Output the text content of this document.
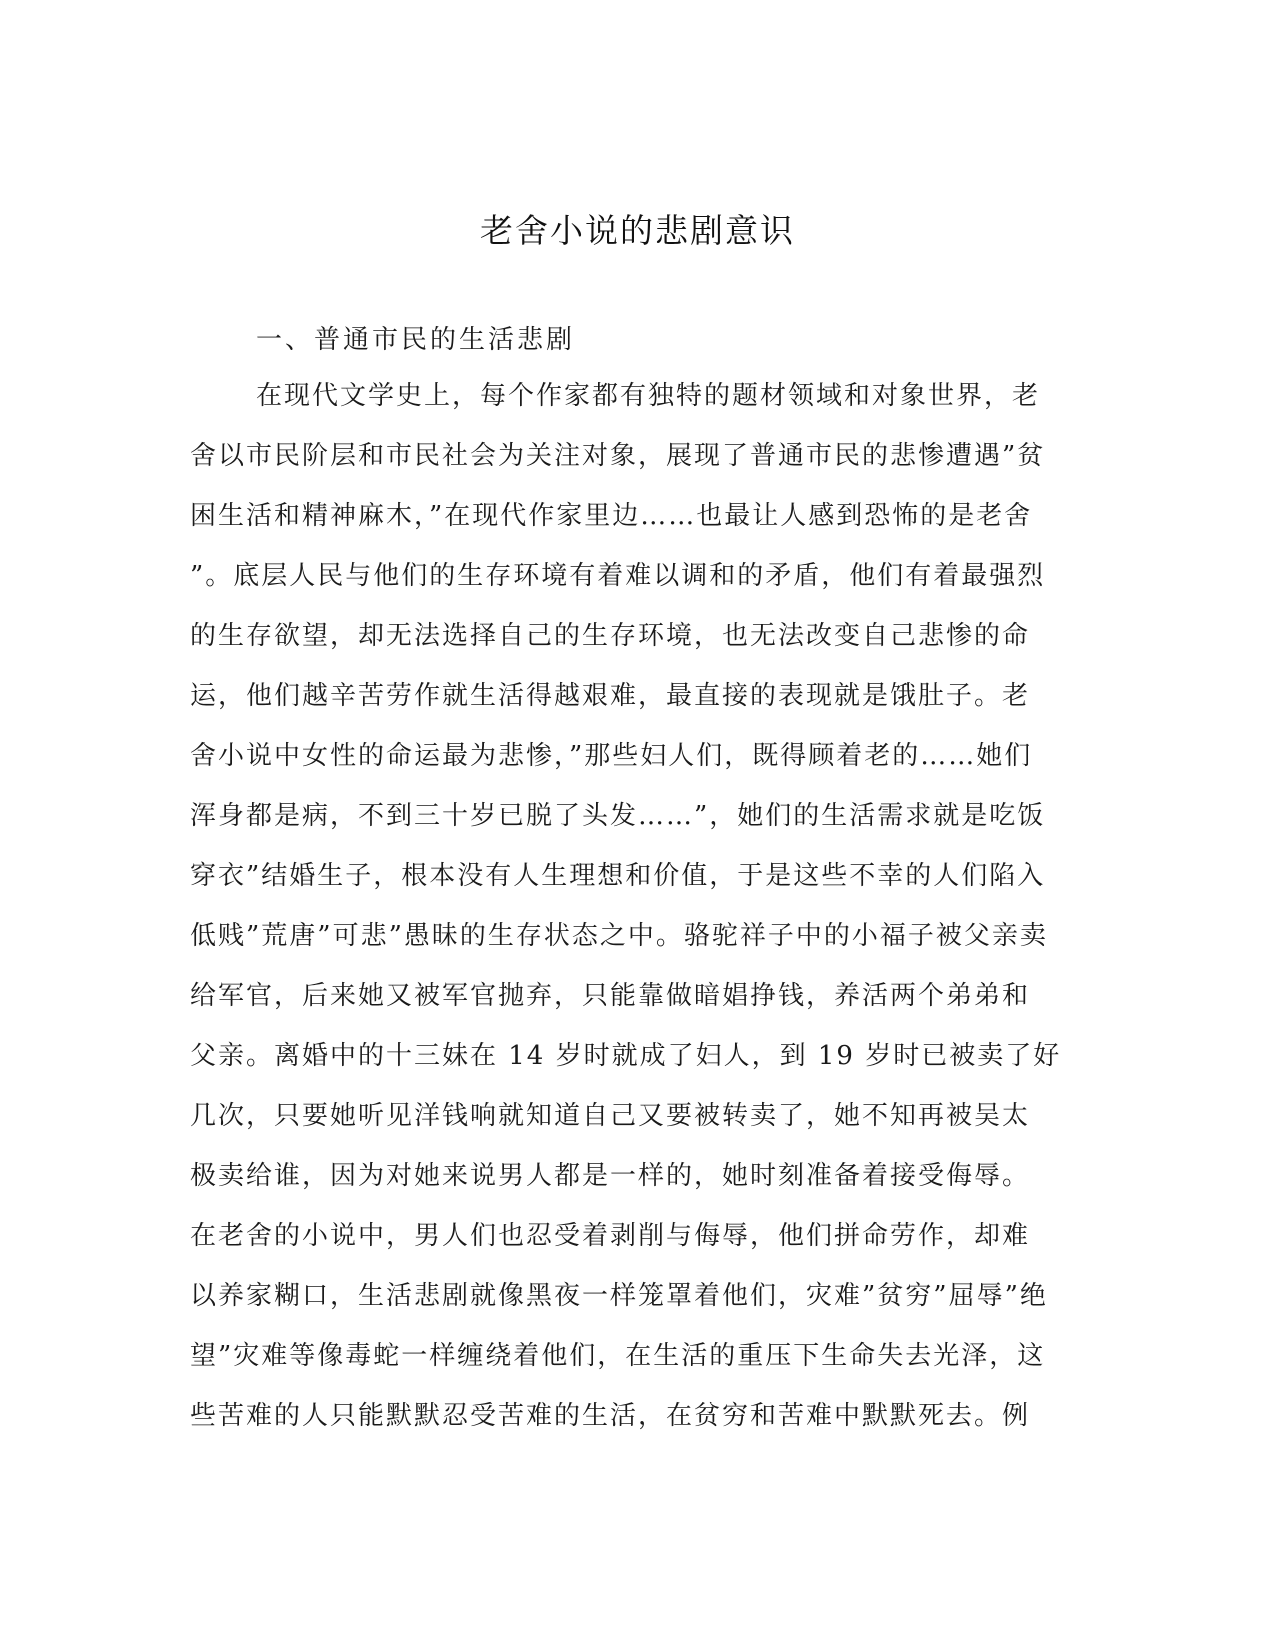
老舍小说的悲剧意识
一、普通市民的生活悲剧
在现代文学史上，每个作家都有独特的题材领域和对象世界，老
舍以市民阶层和市民社会为关注对象，展现了普通市民的悲惨遭遇”贫
困生活和精神麻木，”在现代作家里边……也最让人感到恐怖的是老舍
”。底层人民与他们的生存环境有着难以调和的矛盾，他们有着最强烈
的生存欲望，却无法选择自己的生存环境，也无法改变自己悲惨的命
运，他们越辛苦劳作就生活得越艰难，最直接的表现就是饿肚子。老
舍小说中女性的命运最为悲惨，”那些妇人们，既得顾着老的……她们
浑身都是病，不到三十岁已脱了头发……”，她们的生活需求就是吃饭
穿衣”结婚生子，根本没有人生理想和价值，于是这些不幸的人们陷入
低贱”荒唐”可悲”愚昧的生存状态之中。骆驼祥子中的小福子被父亲卖
给军官，后来她又被军官抛弃，只能靠做暗娼挣钱，养活两个弟弟和
父亲。离婚中的十三妹在 14 岁时就成了妇人，到 19 岁时已被卖了好
几次，只要她听见洋钱响就知道自己又要被转卖了，她不知再被吴太
极卖给谁，因为对她来说男人都是一样的，她时刻准备着接受侮辱。
在老舍的小说中，男人们也忍受着剥削与侮辱，他们拼命劳作，却难
以养家糊口，生活悲剧就像黑夜一样笼罩着他们，灾难”贫穷”屈辱”绝
望”灾难等像毒蛇一样缠绕着他们，在生活的重压下生命失去光泽，这
些苦难的人只能默默忍受苦难的生活，在贫穷和苦难中默默死去。例
